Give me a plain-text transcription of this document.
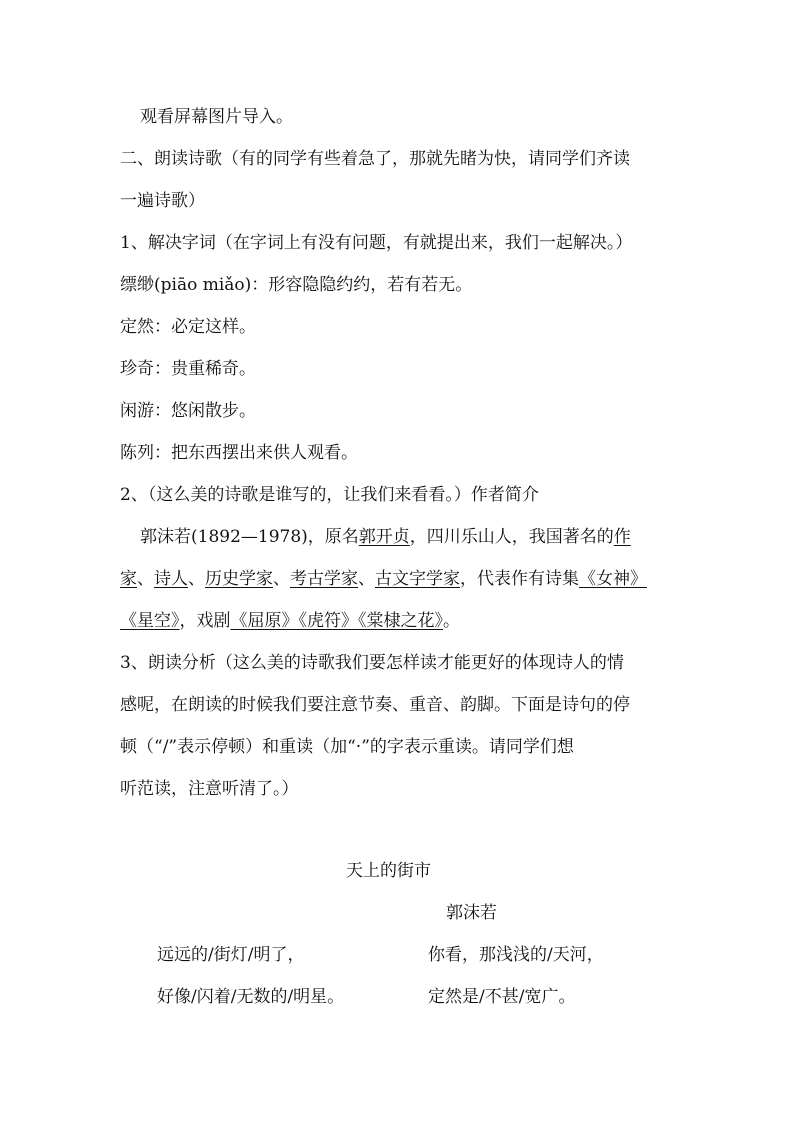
观看屏幕图片导入。
二、朗读诗歌（有的同学有些着急了，那就先睹为快，请同学们齐读
一遍诗歌）
1、解决字词（在字词上有没有问题，有就提出来，我们一起解决。）
缥缈(piāo miǎo)：形容隐隐约约，若有若无。
定然：必定这样。
珍奇：贵重稀奇。
闲游：悠闲散步。
陈列：把东西摆出来供人观看。
2、（这么美的诗歌是谁写的，让我们来看看。）作者简介
郭沫若(1892—1978)，原名郭开贞，四川乐山人，我国著名的作
家、诗人、历史学家、考古学家、古文字学家，代表作有诗集《女神》
《星空》，戏剧《屈原》《虎符》《棠棣之花》。
3、朗读分析（这么美的诗歌我们要怎样读才能更好的体现诗人的情
感呢，在朗读的时候我们要注意节奏、重音、韵脚。下面是诗句的停
顿（“/”表示停顿）和重读（加“·”的字表示重读。请同学们想
听范读，注意听清了。）
天上的街市
郭沫若
远远的/街灯/明了，	你看，那浅浅的/天河，
好像/闪着/无数的/明星。	定然是/不甚/宽广。
